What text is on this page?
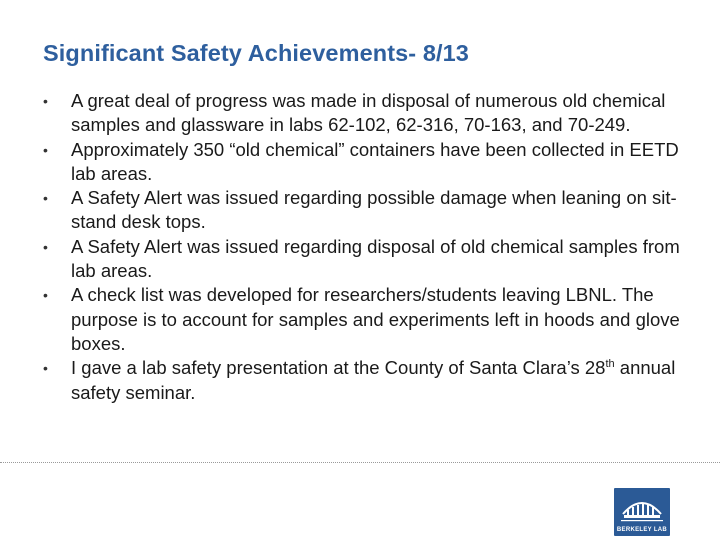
Significant Safety Achievements- 8/13
• A great deal of progress was made in disposal of numerous old chemical samples and glassware in labs 62-102, 62-316, 70-163, and 70-249.
• Approximately 350 “old chemical” containers have been collected in EETD lab areas.
• A Safety Alert was issued regarding possible damage when leaning on sit-stand desk tops.
• A Safety Alert was issued regarding disposal of old chemical samples from lab areas.
• A check list was developed for researchers/students leaving LBNL. The purpose is to account for samples and experiments left in hoods and glove boxes.
• I gave a lab safety presentation at the County of Santa Clara’s 28th annual safety seminar.
BERKELEY LAB
